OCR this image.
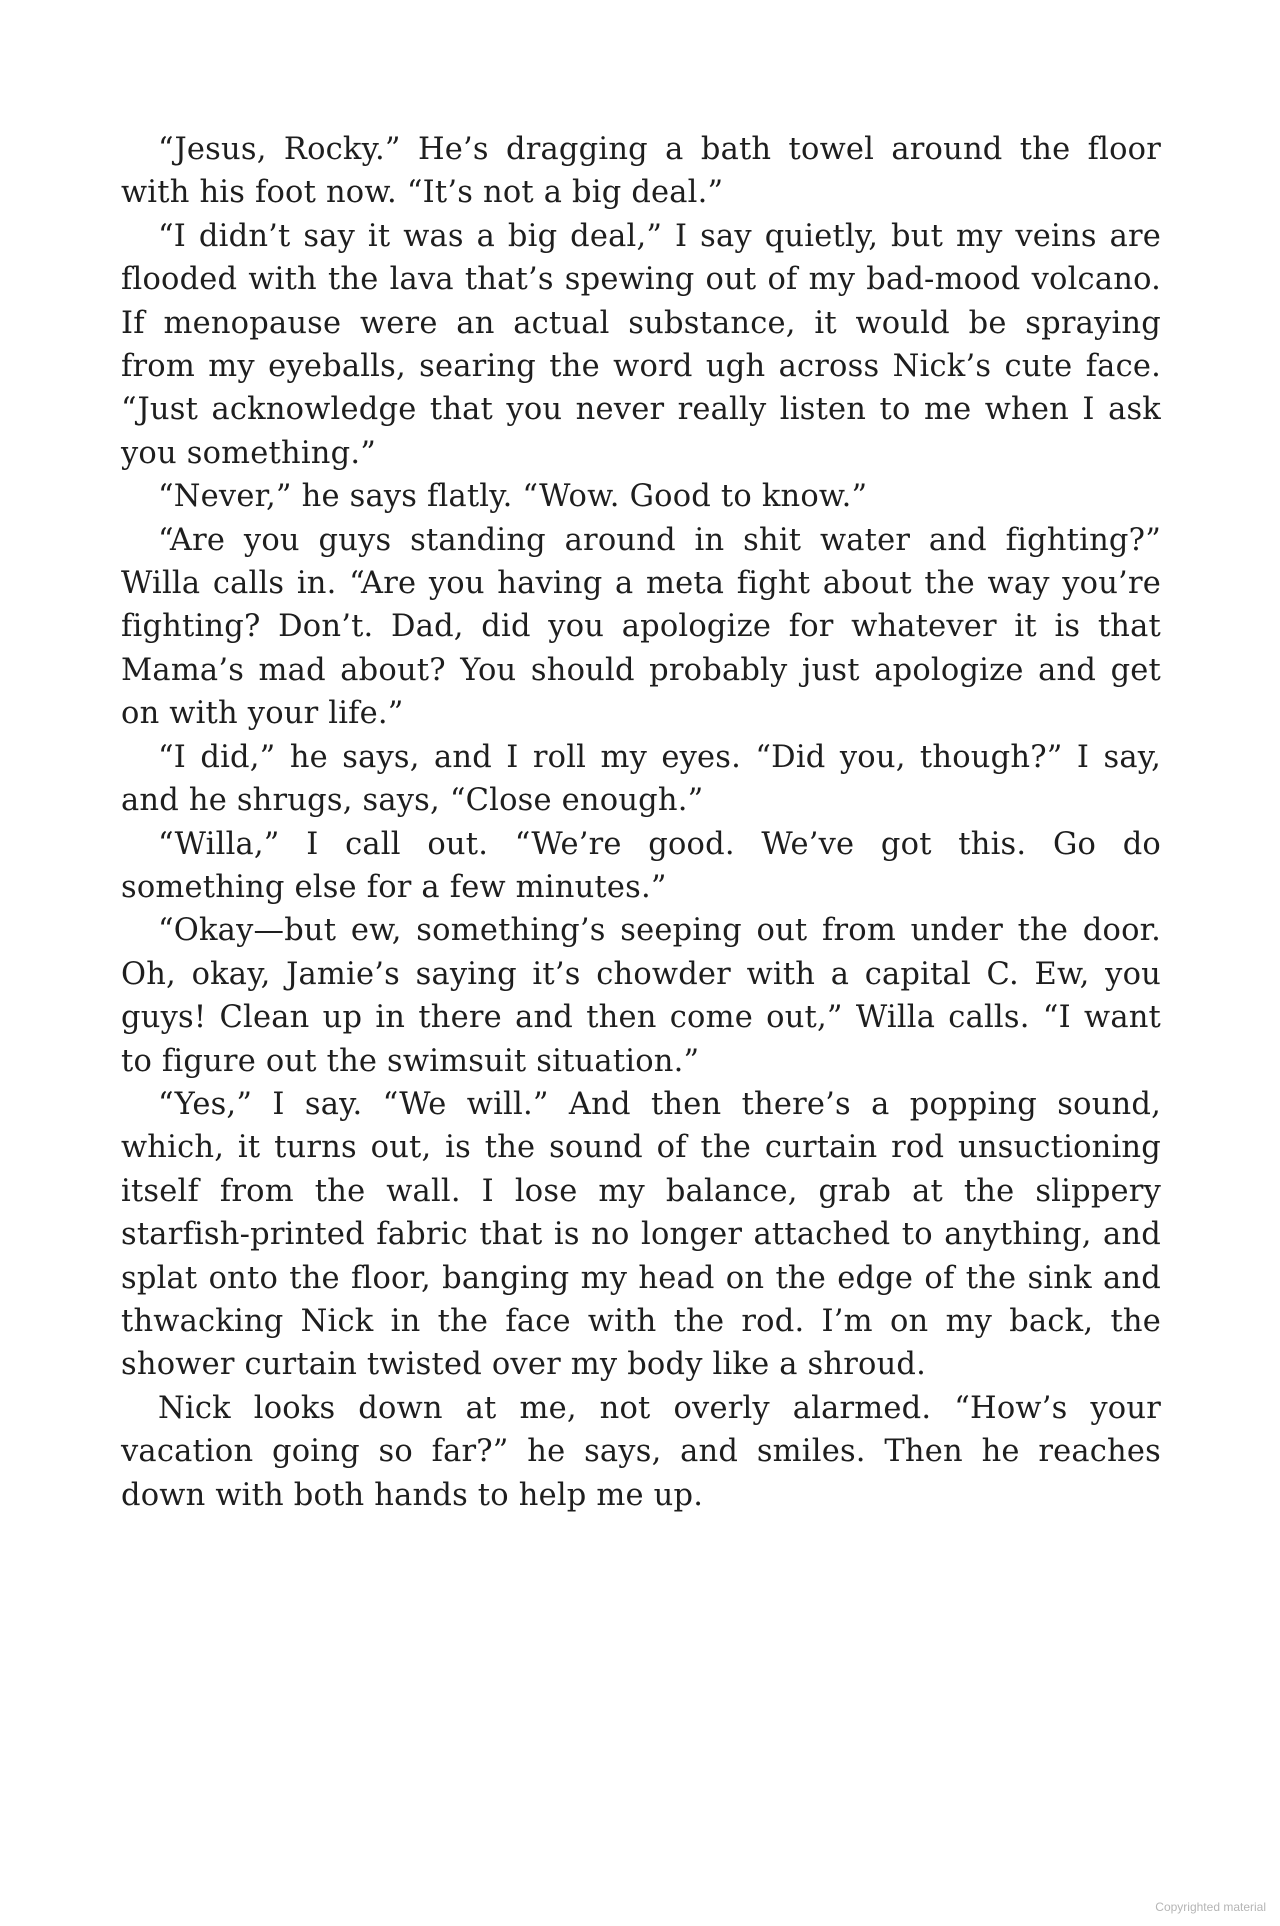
“Jesus, Rocky.” He’s dragging a bath towel around the floor with his foot now. “It’s not a big deal.”

“I didn’t say it was a big deal,” I say quietly, but my veins are flooded with the lava that’s spewing out of my bad-mood volcano. If menopause were an actual substance, it would be spraying from my eyeballs, searing the word ugh across Nick’s cute face. “Just acknowledge that you never really listen to me when I ask you something.”

“Never,” he says flatly. “Wow. Good to know.”

“Are you guys standing around in shit water and fighting?” Willa calls in. “Are you having a meta fight about the way you’re fighting? Don’t. Dad, did you apologize for whatever it is that Mama’s mad about? You should probably just apologize and get on with your life.”

“I did,” he says, and I roll my eyes. “Did you, though?” I say, and he shrugs, says, “Close enough.”

“Willa,” I call out. “We’re good. We’ve got this. Go do something else for a few minutes.”

“Okay—but ew, something’s seeping out from under the door. Oh, okay, Jamie’s saying it’s chowder with a capital C. Ew, you guys! Clean up in there and then come out,” Willa calls. “I want to figure out the swimsuit situation.”

“Yes,” I say. “We will.” And then there’s a popping sound, which, it turns out, is the sound of the curtain rod unsuctioning itself from the wall. I lose my balance, grab at the slippery starfish-printed fabric that is no longer attached to anything, and splat onto the floor, banging my head on the edge of the sink and thwacking Nick in the face with the rod. I’m on my back, the shower curtain twisted over my body like a shroud.

Nick looks down at me, not overly alarmed. “How’s your vacation going so far?” he says, and smiles. Then he reaches down with both hands to help me up.

Copyrighted material
